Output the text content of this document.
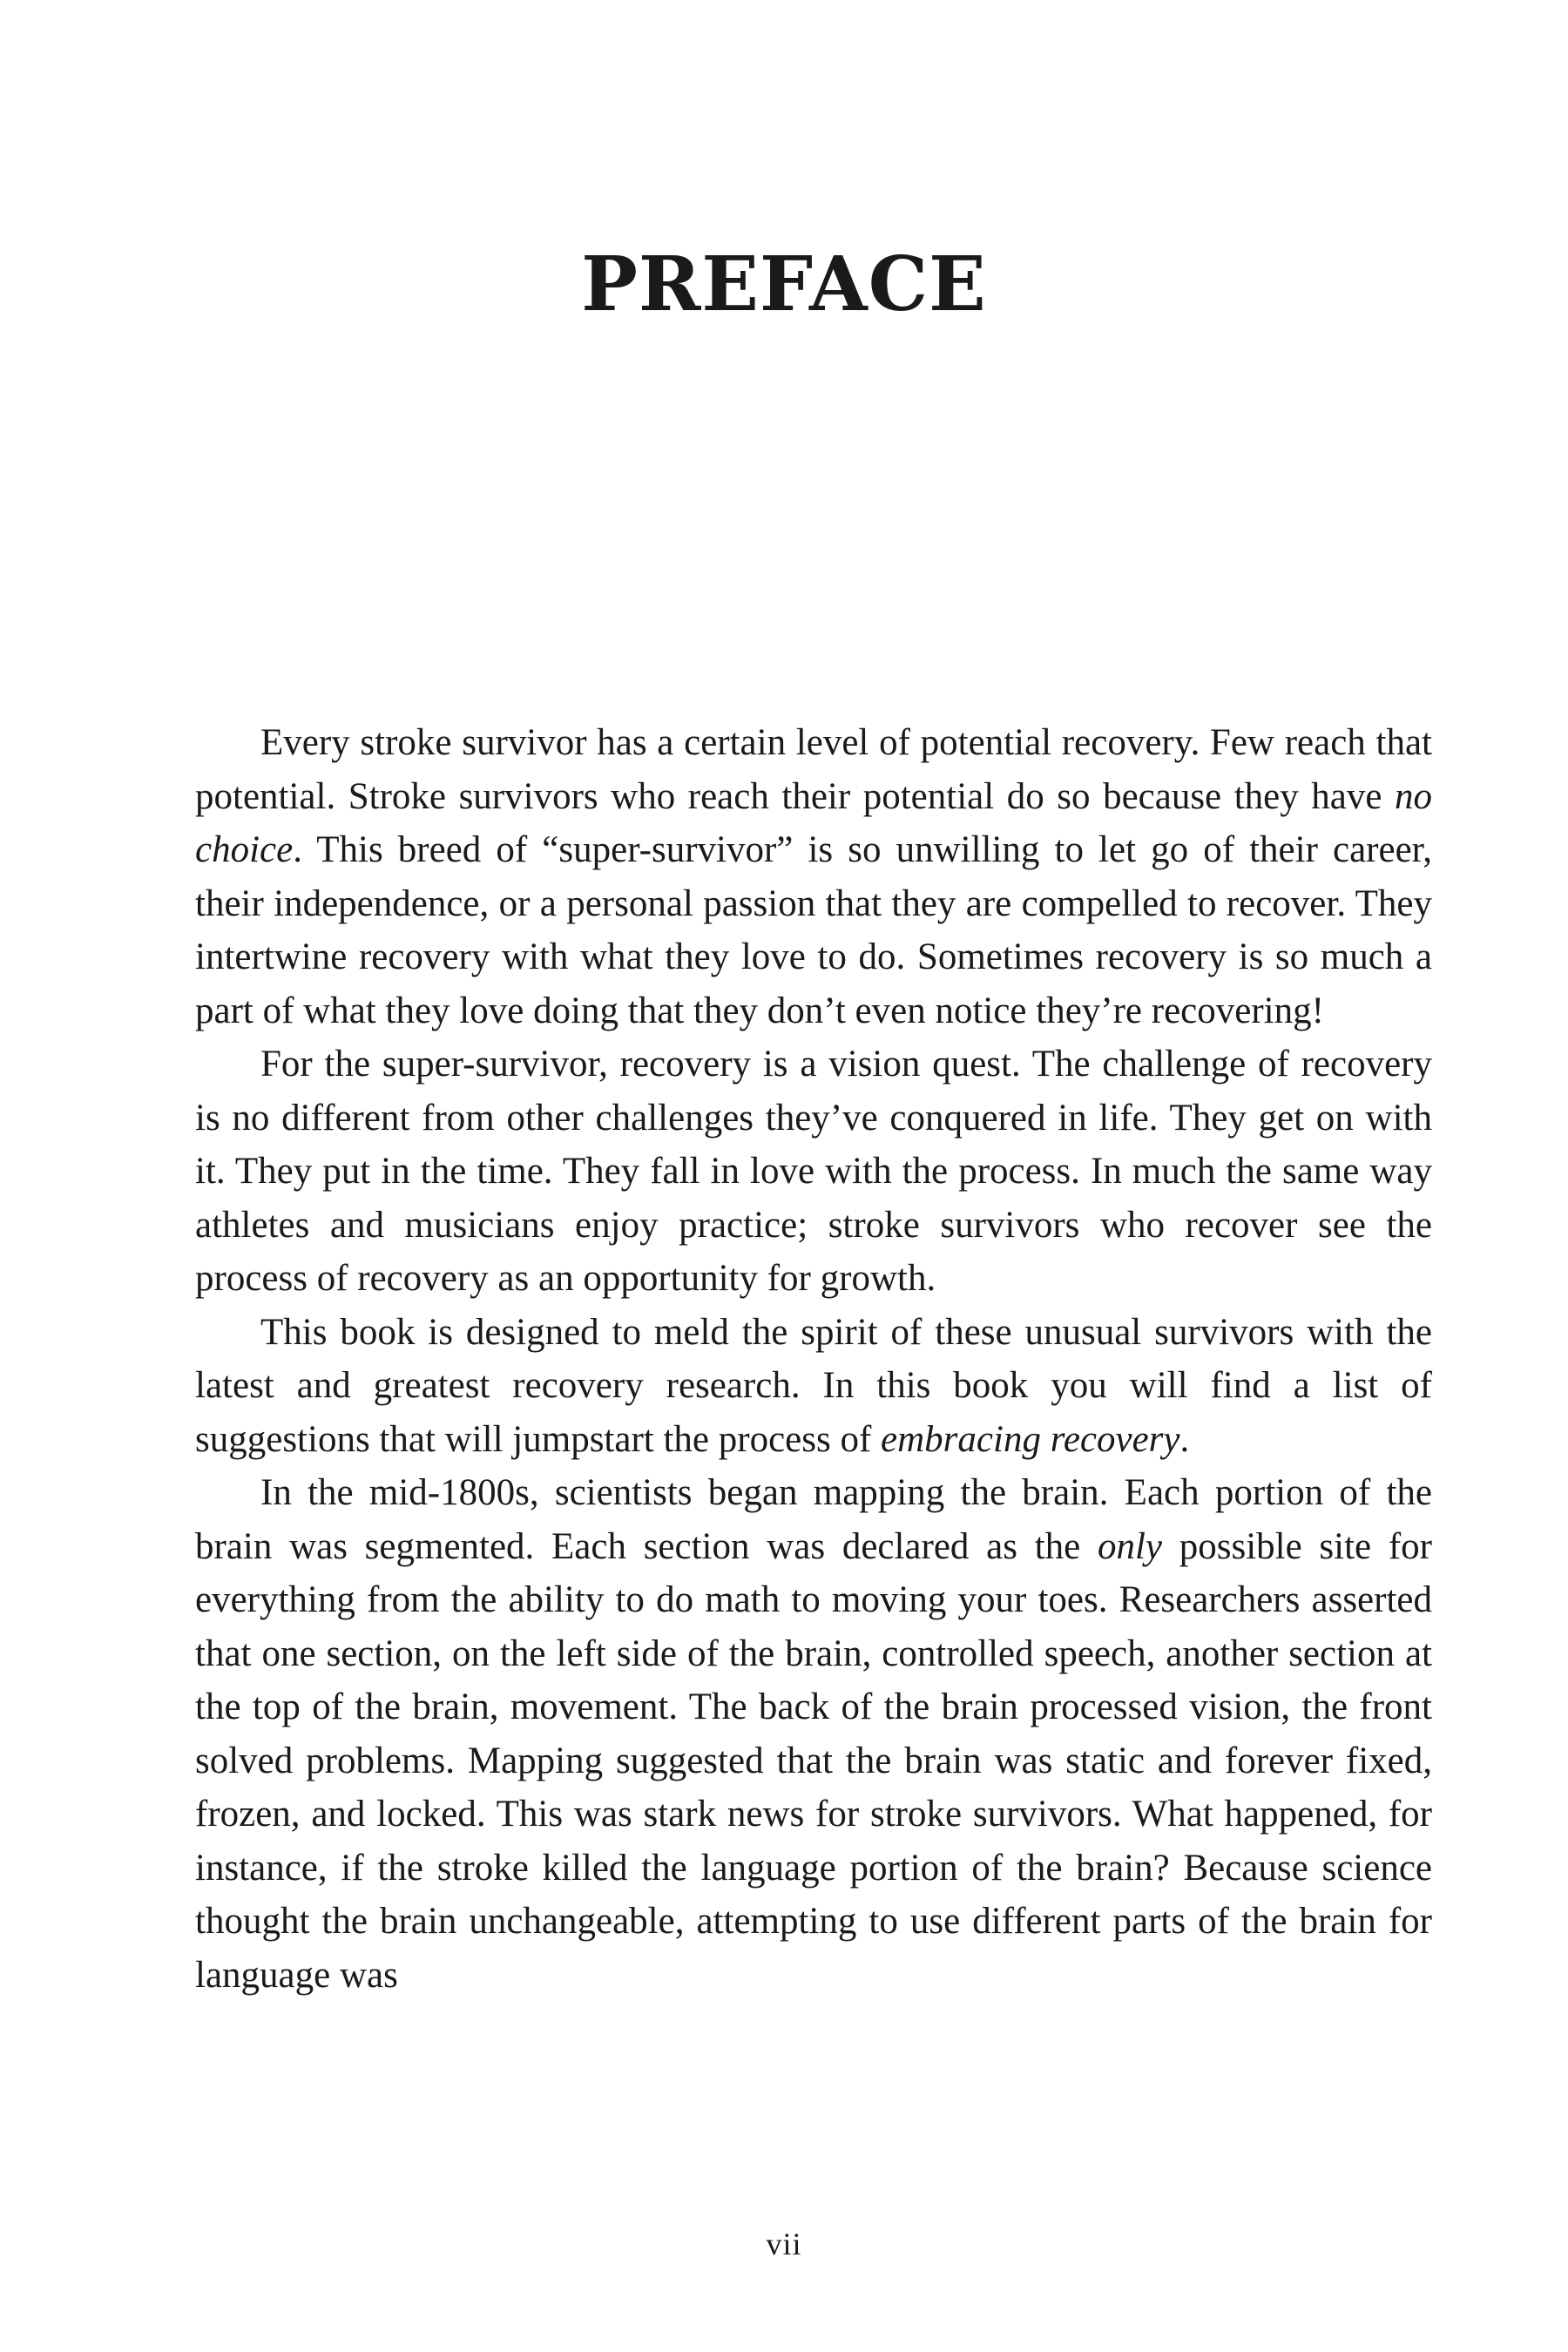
PREFACE

Every stroke survivor has a certain level of potential recovery. Few reach that potential. Stroke survivors who reach their potential do so because they have no choice. This breed of “super-survivor” is so unwilling to let go of their career, their independence, or a personal passion that they are compelled to recover. They intertwine recovery with what they love to do. Sometimes recovery is so much a part of what they love doing that they don’t even notice they’re recovering!

For the super-survivor, recovery is a vision quest. The challenge of recovery is no different from other challenges they’ve conquered in life. They get on with it. They put in the time. They fall in love with the process. In much the same way athletes and musicians enjoy practice; stroke survivors who recover see the process of recovery as an opportunity for growth.

This book is designed to meld the spirit of these unusual survivors with the latest and greatest recovery research. In this book you will find a list of suggestions that will jumpstart the process of embracing recovery.

In the mid-1800s, scientists began mapping the brain. Each portion of the brain was segmented. Each section was declared as the only possible site for everything from the ability to do math to moving your toes. Researchers asserted that one section, on the left side of the brain, controlled speech, another section at the top of the brain, movement. The back of the brain processed vision, the front solved problems. Mapping suggested that the brain was static and forever fixed, frozen, and locked. This was stark news for stroke survivors. What happened, for instance, if the stroke killed the language portion of the brain? Because science thought the brain unchangeable, attempting to use different parts of the brain for language was

vii
